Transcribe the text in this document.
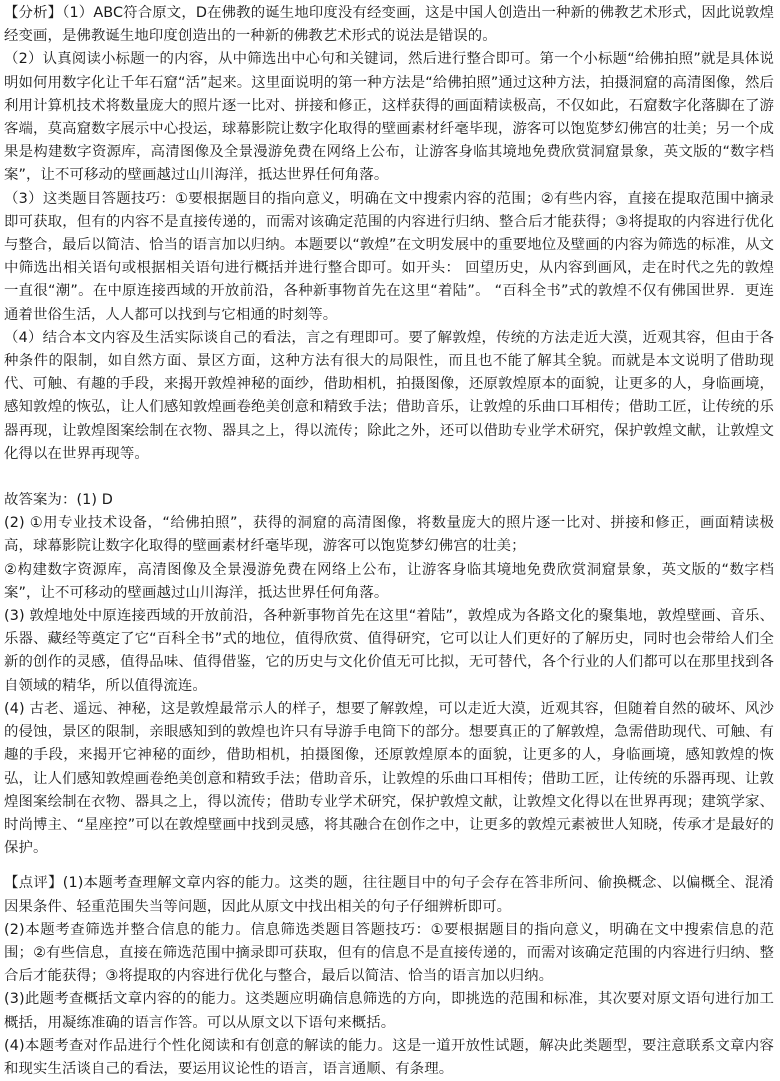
【分析】（1）ABC符合原文，D在佛教的诞生地印度没有经变画，这是中国人创造出一种新的佛教艺术形式，因此说敦煌经变画，是佛教诞生地印度创造出的一种新的佛教艺术形式的说法是错误的。

（2）认真阅读小标题一的内容，从中筛选出中心句和关键词，然后进行整合即可。第一个小标题“给佛拍照”就是具体说明如何用数字化让千年石窟“活”起来。这里面说明的第一种方法是“给佛拍照”通过这种方法，拍摄洞窟的高清图像，然后利用计算机技术将数量庞大的照片逐一比对、拼接和修正，这样获得的画面精读极高，不仅如此，石窟数字化落脚在了游客端，莫高窟数字展示中心投运，球幕影院让数字化取得的壁画素材纤毫毕现，游客可以饱览梦幻佛宫的壮美；另一个成果是构建数字资源库，高清图像及全景漫游免费在网络上公布，让游客身临其境地免费欣赏洞窟景象，英文版的“数字档案”，让不可移动的壁画越过山川海洋，抵达世界任何角落。

（3）这类题目答题技巧：①要根据题目的指向意义，明确在文中搜索内容的范围；②有些内容，直接在提取范围中摘录即可获取，但有的内容不是直接传递的，而需对该确定范围的内容进行归纳、整合后才能获得；③将提取的内容进行优化与整合，最后以简洁、恰当的语言加以归纳。本题要以“敦煌”在文明发展中的重要地位及壁画的内容为筛选的标准，从文中筛选出相关语句或根据相关语句进行概括并进行整合即可。如开头： 回望历史，从内容到画风，走在时代之先的敦煌一直很“潮”。在中原连接西域的开放前沿，各种新事物首先在这里“着陆”。 “百科全书”式的敦煌不仅有佛国世界．更连通着世俗生活，人人都可以找到与它相通的时刻等。

（4）结合本文内容及生活实际谈自己的看法，言之有理即可。要了解敦煌，传统的方法走近大漠，近观其容，但由于各种条件的限制，如自然方面、景区方面，这种方法有很大的局限性，而且也不能了解其全貌。而就是本文说明了借助现代、可触、有趣的手段，来揭开敦煌神秘的面纱，借助相机，拍摄图像，还原敦煌原本的面貌，让更多的人，身临画境，感知敦煌的恢弘，让人们感知敦煌画卷绝美创意和精致手法；借助音乐，让敦煌的乐曲口耳相传；借助工匠，让传统的乐器再现，让敦煌图案绘制在衣物、器具之上，得以流传；除此之外，还可以借助专业学术研究，保护敦煌文献，让敦煌文化得以在世界再现等。

故答案为：(1) D

(2) ①用专业技术设备，“给佛拍照”，获得的洞窟的高清图像，将数量庞大的照片逐一比对、拼接和修正，画面精读极高，球幕影院让数字化取得的壁画素材纤毫毕现，游客可以饱览梦幻佛宫的壮美；

②构建数字资源库，高清图像及全景漫游免费在网络上公布，让游客身临其境地免费欣赏洞窟景象，英文版的“数字档案”，让不可移动的壁画越过山川海洋，抵达世界任何角落。

(3) 敦煌地处中原连接西域的开放前沿，各种新事物首先在这里“着陆”，敦煌成为各路文化的聚集地，敦煌壁画、音乐、乐器、藏经等奠定了它“百科全书”式的地位，值得欣赏、值得研究，它可以让人们更好的了解历史，同时也会带给人们全新的创作的灵感，值得品味、值得借鉴，它的历史与文化价值无可比拟，无可替代，各个行业的人们都可以在那里找到各自领域的精华，所以值得流连。

(4) 古老、遥远、神秘，这是敦煌最常示人的样子，想要了解敦煌，可以走近大漠，近观其容，但随着自然的破坏、风沙的侵蚀，景区的限制，亲眼感知到的敦煌也许只有导游手电筒下的部分。想要真正的了解敦煌，急需借助现代、可触、有趣的手段，来揭开它神秘的面纱，借助相机，拍摄图像，还原敦煌原本的面貌，让更多的人，身临画境，感知敦煌的恢弘，让人们感知敦煌画卷绝美创意和精致手法；借助音乐，让敦煌的乐曲口耳相传；借助工匠，让传统的乐器再现、让敦煌图案绘制在衣物、器具之上，得以流传；借助专业学术研究，保护敦煌文献，让敦煌文化得以在世界再现；建筑学家、时尚博主、“星座控”可以在敦煌壁画中找到灵感，将其融合在创作之中，让更多的敦煌元素被世人知晓，传承才是最好的保护。

【点评】(1)本题考查理解文章内容的能力。这类的题，往往题目中的句子会存在答非所问、偷换概念、以偏概全、混淆因果条件、轻重范围失当等问题，因此从原文中找出相关的句子仔细辨析即可。

(2)本题考查筛选并整合信息的能力。信息筛选类题目答题技巧：①要根据题目的指向意义，明确在文中搜索信息的范围；②有些信息，直接在筛选范围中摘录即可获取，但有的信息不是直接传递的，而需对该确定范围的内容进行归纳、整合后才能获得；③将提取的内容进行优化与整合，最后以简洁、恰当的语言加以归纳。

(3)此题考查概括文章内容的的能力。这类题应明确信息筛选的方向，即挑选的范围和标准，其次要对原文语句进行加工概括，用凝练准确的语言作答。可以从原文以下语句来概括。

(4)本题考查对作品进行个性化阅读和有创意的解读的能力。这是一道开放性试题，解决此类题型，要注意联系文章内容和现实生活谈自己的看法，要运用议论性的语言，语言通顺、有条理。
